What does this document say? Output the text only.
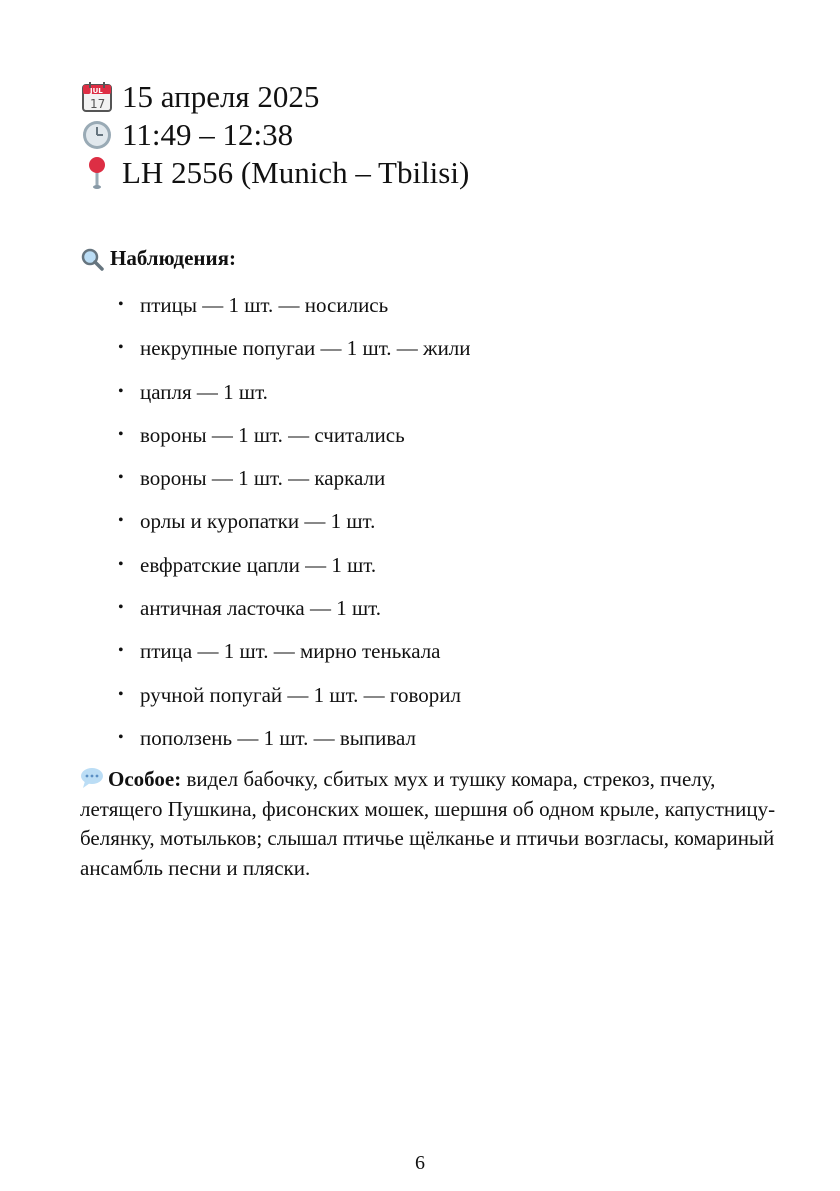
JUL
17 15 апреля 2025
11:49 – 12:38
LH 2556 (Munich – Tbilisi)
Наблюдения:
• птицы — 1 шт. — носились
• некрупные попугаи — 1 шт. — жили
• цапля — 1 шт.
• вороны — 1 шт. — считались
• вороны — 1 шт. — каркали
• орлы и куропатки — 1 шт.
• евфратские цапли — 1 шт.
• античная ласточка — 1 шт.
• птица — 1 шт. — мирно тенькала
• ручной попугай — 1 шт. — говорил
• поползень — 1 шт. — выпивал
Особое: видел бабочку, сбитых мух и тушку комара, стрекоз, пчелу, летящего Пушкина, фисонских мошек, шершня об одном крыле, капустницу-белянку, мотыльков; слышал птичье щёлканье и птичьи возгласы, комариный ансамбль песни и пляски.
6
